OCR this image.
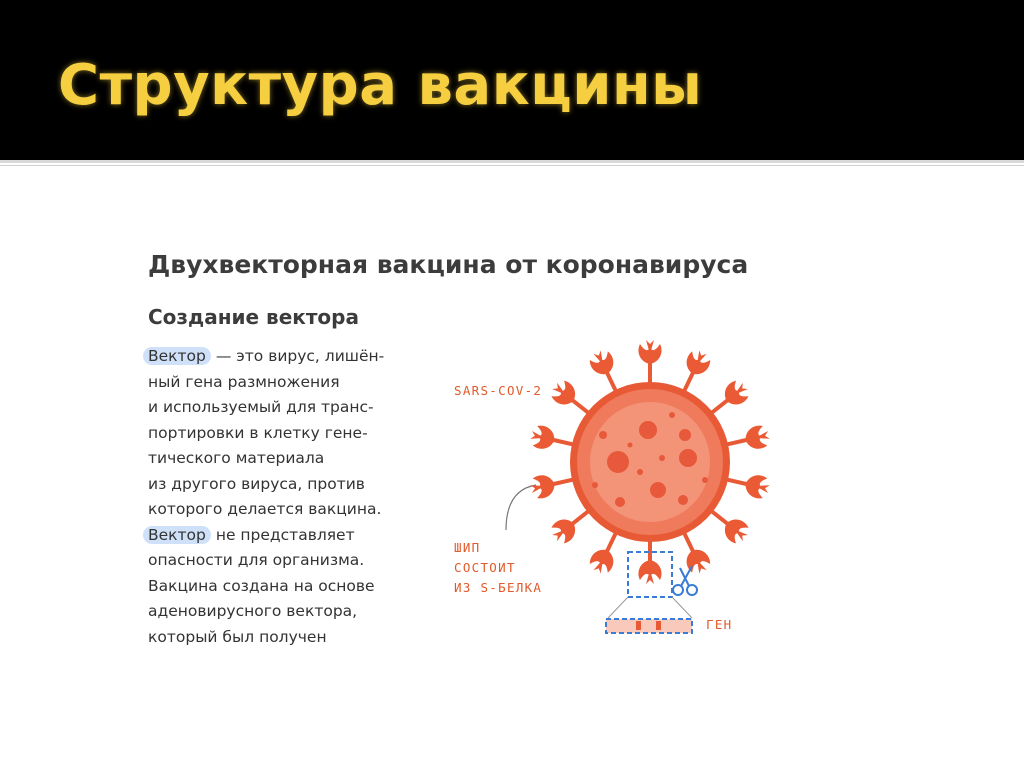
Структура вакцины
Двухвекторная вакцина от коронавируса
Создание вектора
Вектор — это вирус, лишён-
ный гена размножения
и используемый для транс-
портировки в клетку гене-
тического материала
из другого вируса, против
которого делается вакцина.
Вектор не представляет
опасности для организма.
Вакцина создана на основе
аденовирусного вектора,
который был получен
SARS-COV-2
ШИП
СОСТОИТ
ИЗ S-БЕЛКА
ГЕН
